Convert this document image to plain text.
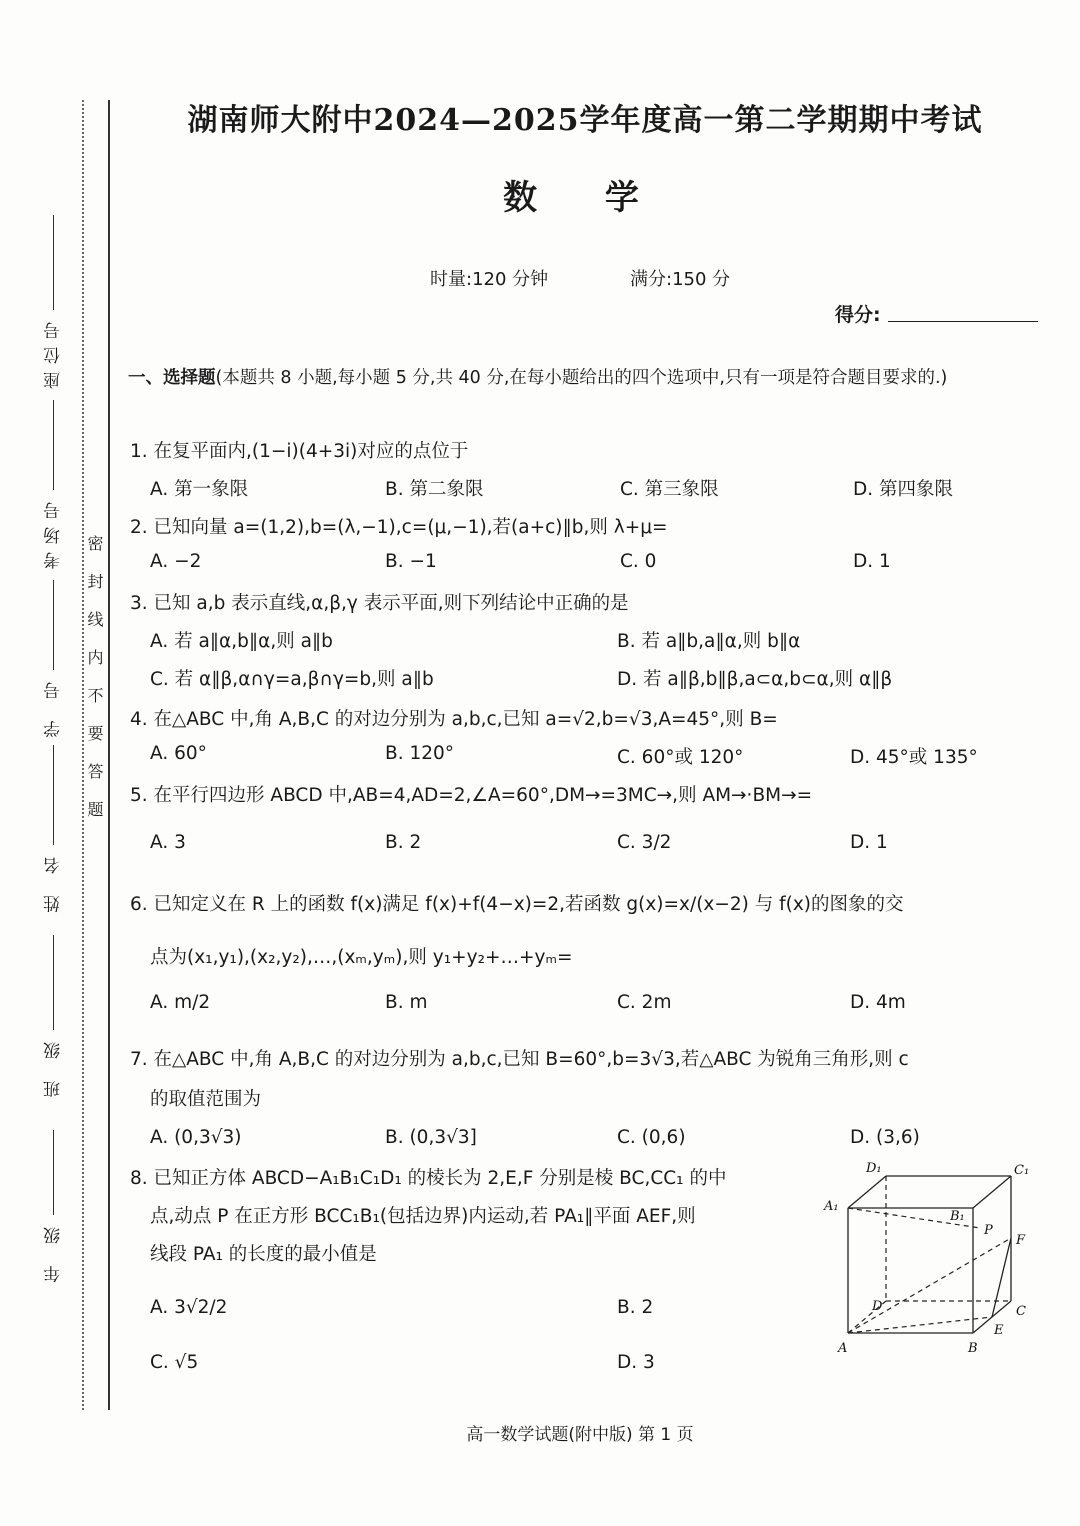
座位号
考场号
学 号
姓 名
班 级
年 级
密封线内不要答题
湖南师大附中2024—2025学年度高一第二学期期中考试
数 学
时量:120 分钟	满分:150 分
得分:
一、选择题(本题共 8 小题,每小题 5 分,共 40 分,在每小题给出的四个选项中,只有一项是符合题目要求的.)
1. 在复平面内,(1−i)(4+3i)对应的点位于
A. 第一象限	B. 第二象限	C. 第三象限	D. 第四象限
2. 已知向量 a=(1,2),b=(λ,−1),c=(μ,−1),若(a+c)∥b,则 λ+μ=
A. −2	B. −1	C. 0	D. 1
3. 已知 a,b 表示直线,α,β,γ 表示平面,则下列结论中正确的是
A. 若 a∥α,b∥α,则 a∥b	B. 若 a∥b,a∥α,则 b∥α
C. 若 α∥β,α∩γ=a,β∩γ=b,则 a∥b	D. 若 a∥β,b∥β,a⊂α,b⊂α,则 α∥β
4. 在△ABC 中,角 A,B,C 的对边分别为 a,b,c,已知 a=√2,b=√3,A=45°,则 B=
A. 60°	B. 120°	C. 60°或 120°	D. 45°或 135°
5. 在平行四边形 ABCD 中,AB=4,AD=2,∠A=60°,DM→=3MC→,则 AM→·BM→=
A. 3	B. 2	C. 3/2	D. 1
6. 已知定义在 R 上的函数 f(x)满足 f(x)+f(4−x)=2,若函数 g(x)=x/(x−2) 与 f(x)的图象的交
点为(x₁,y₁),(x₂,y₂),…,(xₘ,yₘ),则 y₁+y₂+…+yₘ=
A. m/2	B. m	C. 2m	D. 4m
7. 在△ABC 中,角 A,B,C 的对边分别为 a,b,c,已知 B=60°,b=3√3,若△ABC 为锐角三角形,则 c
的取值范围为
A. (0,3√3)	B. (0,3√3]	C. (0,6)	D. (3,6)
8. 已知正方体 ABCD−A₁B₁C₁D₁ 的棱长为 2,E,F 分别是棱 BC,CC₁ 的中
点,动点 P 在正方形 BCC₁B₁(包括边界)内运动,若 PA₁∥平面 AEF,则
线段 PA₁ 的长度的最小值是
A. 3√2/2	B. 2
C. √5	D. 3
D₁	C₁
A₁
B₁
P
F
D	C
E
A	B
高一数学试题(附中版) 第 1 页
